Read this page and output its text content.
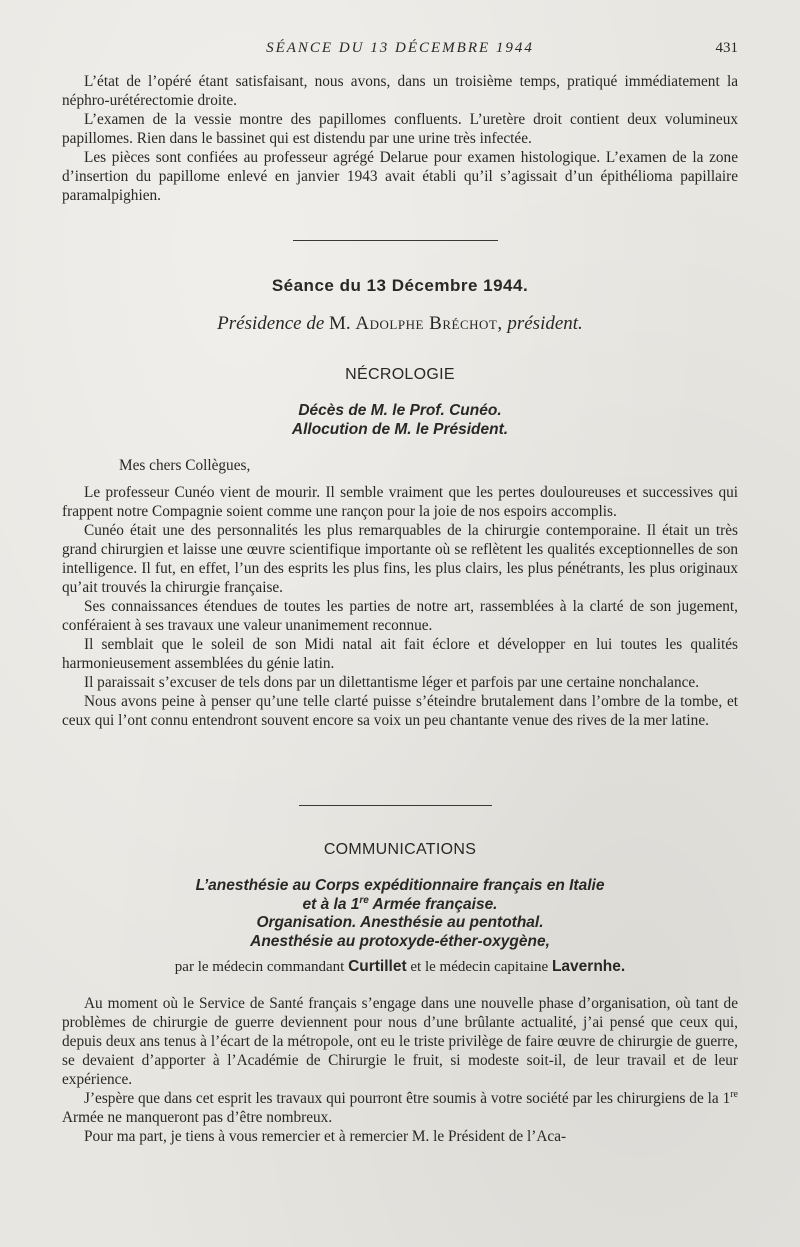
SÉANCE DU 13 DÉCEMBRE 1944	431

L’état de l’opéré étant satisfaisant, nous avons, dans un troisième temps, pratiqué immédiatement la néphro-urétérectomie droite.

L’examen de la vessie montre des papillomes confluents. L’uretère droit contient deux volumineux papillomes. Rien dans le bassinet qui est distendu par une urine très infectée.

Les pièces sont confiées au professeur agrégé Delarue pour examen histologique. L’examen de la zone d’insertion du papillome enlevé en janvier 1943 avait établi qu’il s’agissait d’un épithélioma papillaire paramalpighien.

Séance du 13 Décembre 1944.
Présidence de M. Adolphe Bréchot, président.
NÉCROLOGIE
Décès de M. le Prof. Cunéo.
Allocution de M. le Président.

Mes chers Collègues,

Le professeur Cunéo vient de mourir. Il semble vraiment que les pertes douloureuses et successives qui frappent notre Compagnie soient comme une rançon pour la joie de nos espoirs accomplis.

Cunéo était une des personnalités les plus remarquables de la chirurgie contemporaine. Il était un très grand chirurgien et laisse une œuvre scientifique importante où se reflètent les qualités exceptionnelles de son intelligence. Il fut, en effet, l’un des esprits les plus fins, les plus clairs, les plus pénétrants, les plus originaux qu’ait trouvés la chirurgie française.

Ses connaissances étendues de toutes les parties de notre art, rassemblées à la clarté de son jugement, conféraient à ses travaux une valeur unanimement reconnue.

Il semblait que le soleil de son Midi natal ait fait éclore et développer en lui toutes les qualités harmonieusement assemblées du génie latin.

Il paraissait s’excuser de tels dons par un dilettantisme léger et parfois par une certaine nonchalance.

Nous avons peine à penser qu’une telle clarté puisse s’éteindre brutalement dans l’ombre de la tombe, et ceux qui l’ont connu entendront souvent encore sa voix un peu chantante venue des rives de la mer latine.

COMMUNICATIONS
L’anesthésie au Corps expéditionnaire français en Italie
et à la 1re Armée française.
Organisation. Anesthésie au pentothal.
Anesthésie au protoxyde-éther-oxygène,
par le médecin commandant Curtillet et le médecin capitaine Lavernhe.

Au moment où le Service de Santé français s’engage dans une nouvelle phase d’organisation, où tant de problèmes de chirurgie de guerre deviennent pour nous d’une brûlante actualité, j’ai pensé que ceux qui, depuis deux ans tenus à l’écart de la métropole, ont eu le triste privilège de faire œuvre de chirurgie de guerre, se devaient d’apporter à l’Académie de Chirurgie le fruit, si modeste soit-il, de leur travail et de leur expérience.

J’espère que dans cet esprit les travaux qui pourront être soumis à votre société par les chirurgiens de la 1re Armée ne manqueront pas d’être nombreux.

Pour ma part, je tiens à vous remercier et à remercier M. le Président de l’Aca-
